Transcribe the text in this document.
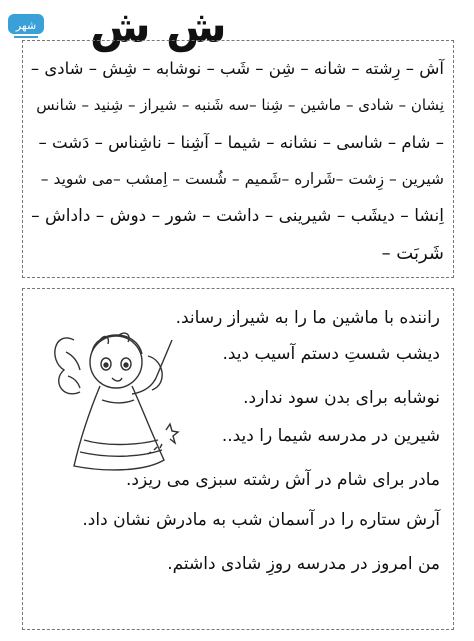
شهر ش ش
آش – رِشته – شانه – شِن – شَب – نوشابه – شِش – شادی –
نِشان – شادی – ماشین – شِنا –سه شَنبه – شیراز – شِنید – شانس
– شام – شاسی – نشانه – شیما – آشِنا – ناشِناس – دَشت –
شیرین – زِشت –شَراره –شَمیم – شُست – اِمشب –می شوید –
اِنشا – دیشَب – شیرینی – داشت – شور – دوش – داداش –
شَربَت –
راننده با ماشین ما را به شیراز رساند.
دیشب شستِ دستم آسیب دید.
نوشابه برای بدن سود ندارد.
شیرین در مدرسه شیما را دید..
مادر برای شام در آش رشته سبزی می ریزد.
آرش ستاره را در آسمان شب به مادرش نشان داد.
من امروز در مدرسه روزِ شادی داشتم.
